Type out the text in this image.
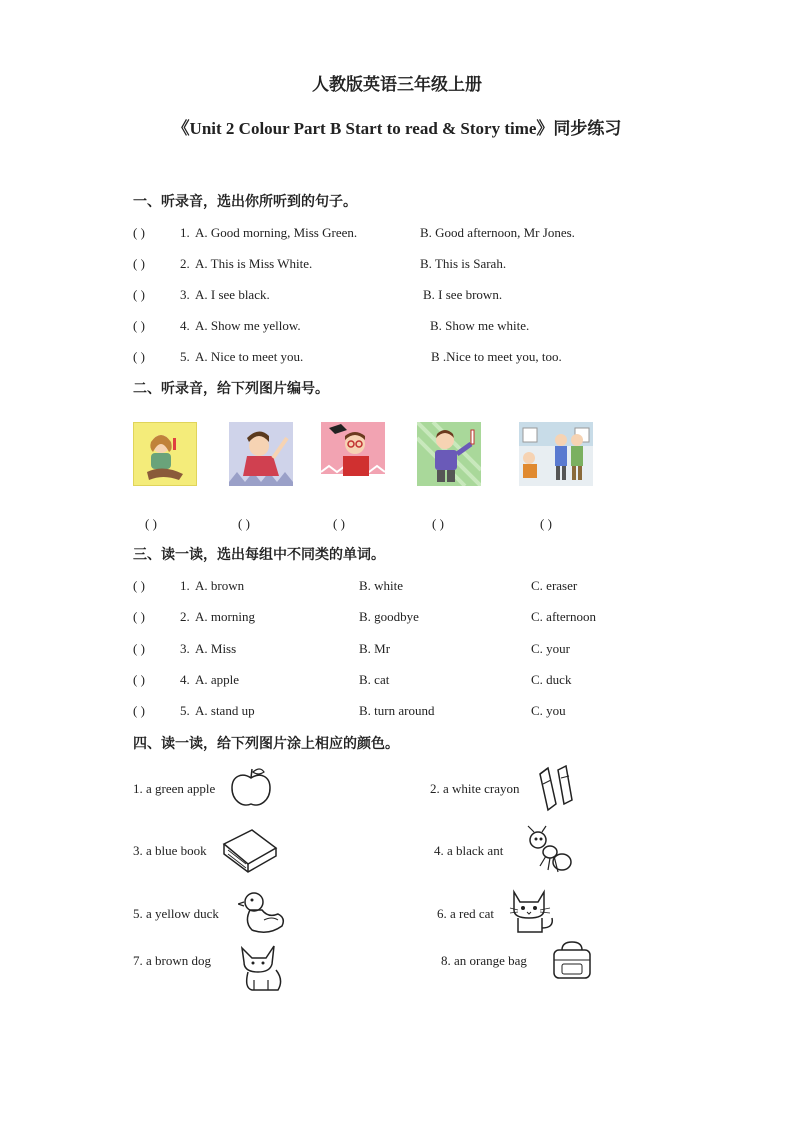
人教版英语三年级上册
《Unit 2 Colour Part B Start to read & Story time》同步练习
一、听录音，选出你所听到的句子。
( )	1. A. Good morning, Miss Green.	B. Good afternoon, Mr Jones.
( )	2. A. This is Miss White.	B. This is Sarah.
( )	3. A. I see black.	B. I see brown.
( )	4. A. Show me yellow.	B. Show me white.
( )	5. A. Nice to meet you.	B .Nice to meet you, too.
二、听录音，给下列图片编号。
( )	( )	( )	( )	( )
三、读一读，选出每组中不同类的单词。
( )	1. A. brown	B. white	C. eraser
( )	2. A. morning	B. goodbye	C. afternoon
( )	3. A. Miss	B. Mr	C. your
( )	4. A. apple	B. cat	C. duck
( )	5. A. stand up	B. turn around	C. you
四、读一读，给下列图片涂上相应的颜色。
1. a green apple	2. a white crayon
3. a blue book	4. a black ant
5. a yellow duck	6. a red cat
7. a brown dog	8. an orange bag
